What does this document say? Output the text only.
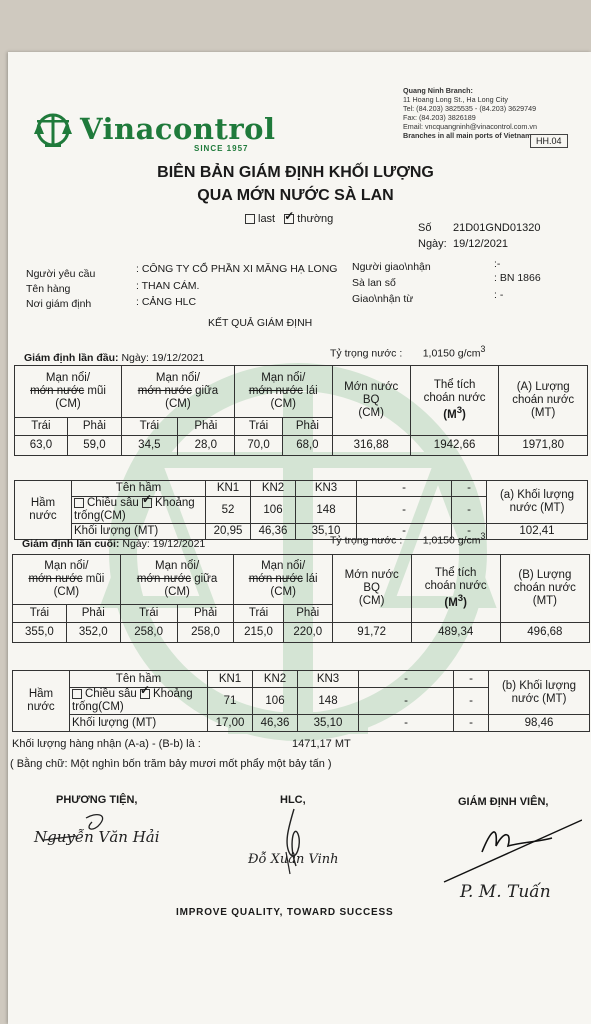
Vinacontrol
SINCE 1957
Quang Ninh Branch:
11 Hoang Long St., Ha Long City
Tel: (84.203) 3825535 - (84.203) 3629749
Fax: (84.203) 3826189
Email: vncquangninh@vinacontrol.com.vn
Branches in all main ports of Vietnam
HH.04
BIÊN BẢN GIÁM ĐỊNH KHỐI LƯỢNG
QUA MỚN NƯỚC SÀ LAN
last ✓ thường
Số 21D01GND01320
Ngày: 19/12/2021
Người yêu cầu	: CÔNG TY CỔ PHẦN XI MĂNG HẠ LONG
Tên hàng	: THAN CÁM.
Nơi giám định	: CẢNG HLC
Người giao\nhận	:-
Sà lan số	: BN 1866
Giao\nhận từ	: -
KẾT QUẢ GIÁM ĐỊNH
Giám định lần đầu: Ngày: 19/12/2021	Tỷ trọng nước : 1,0150 $g/cm^3$
Mạn nổi/
mớn nước mũi
(CM)		Mạn nổi/
mớn nước giữa
(CM)		Mạn nổi/
mớn nước lái
(CM)		Mớn nước
BQ
(CM)	Thể tích
choán nước
$(M^3)$	(A) Lượng
choán nước
(MT)
Trái	Phải	Trái	Phải	Trái	Phải			
63,0	59,0	34,5	28,0	70,0	68,0	316,88	1942,66	1971,80
Hầm
nước	Tên hầm	KN1	KN2	KN3	-	-	(a) Khối lượng
nước (MT)
	Chiều sâu ✓ Khoảng trống(CM)	52	106	148	-	-	
	Khối lượng (MT)	20,95	46,36	35,10	-	-	102,41
Giám định lần cuối: Ngày: 19/12/2021	Tỷ trọng nước : 1,0150 $g/cm^3$
Mạn nổi/
mớn nước mũi
(CM)		Mạn nổi/
mớn nước giữa
(CM)		Mạn nổi/
mớn nước lái
(CM)		Mớn nước
BQ
(CM)	Thể tích
choán nước
$(M^3)$	(B) Lượng
choán nước
(MT)
Trái	Phải	Trái	Phải	Trái	Phải			
355,0	352,0	258,0	258,0	215,0	220,0	91,72	489,34	496,68
Hầm
nước	Tên hầm	KN1	KN2	KN3	-	-	(b) Khối lượng
nước (MT)
	Chiều sâu ✓ Khoảng trống(CM)	71	106	148	-	-	
	Khối lượng (MT)	17,00	46,36	35,10	-	-	98,46
Khối lượng hàng nhận (A-a) - (B-b) là :	1471,17 MT
( Bằng chữ: Một nghìn bốn trăm bảy mươi mốt phẩy một bảy tấn )
PHƯƠNG TIỆN,	HLC,	GIÁM ĐỊNH VIÊN,
Nguyễn Văn Hải
Đỗ Xuân Vinh
P. M. Tuấn
IMPROVE QUALITY, TOWARD SUCCESS
